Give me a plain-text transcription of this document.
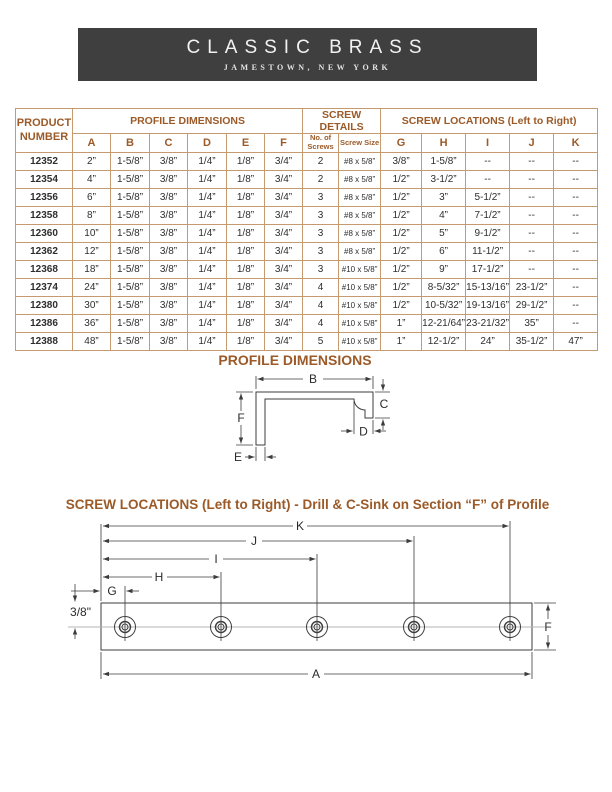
CLASSIC BRASS
JAMESTOWN, NEW YORK
PRODUCT NUMBER	PROFILE DIMENSIONS						SCREW DETAILS		SCREW LOCATIONS (Left to Right)				
	A	B	C	D	E	F	No. of Screws	Screw Size	G	H	I	J	K
12352	2”	1-5/8”	3/8”	1/4”	1/8”	3/4”	2	#8 x 5/8”	3/8”	1-5/8”	--	--	--
12354	4”	1-5/8”	3/8”	1/4”	1/8”	3/4”	2	#8 x 5/8”	1/2”	3-1/2”	--	--	--
12356	6”	1-5/8”	3/8”	1/4”	1/8”	3/4”	3	#8 x 5/8”	1/2”	3”	5-1/2”	--	--
12358	8”	1-5/8”	3/8”	1/4”	1/8”	3/4”	3	#8 x 5/8”	1/2”	4”	7-1/2”	--	--
12360	10”	1-5/8”	3/8”	1/4”	1/8”	3/4”	3	#8 x 5/8”	1/2”	5”	9-1/2”	--	--
12362	12”	1-5/8”	3/8”	1/4”	1/8”	3/4”	3	#8 x 5/8”	1/2”	6”	11-1/2”	--	--
12368	18”	1-5/8”	3/8”	1/4”	1/8”	3/4”	3	#10 x 5/8”	1/2”	9”	17-1/2”	--	--
12374	24”	1-5/8”	3/8”	1/4”	1/8”	3/4”	4	#10 x 5/8”	1/2”	8-5/32”	15-13/16”	23-1/2”	--
12380	30”	1-5/8”	3/8”	1/4”	1/8”	3/4”	4	#10 x 5/8”	1/2”	10-5/32”	19-13/16”	29-1/2”	--
12386	36”	1-5/8”	3/8”	1/4”	1/8”	3/4”	4	#10 x 5/8”	1”	12-21/64”	23-21/32”	35”	--
12388	48”	1-5/8”	3/8”	1/4”	1/8”	3/4”	5	#10 x 5/8”	1”	12-1/2”	24”	35-1/2”	47”
PROFILE DIMENSIONS
B
F
E
C
D
SCREW LOCATIONS (Left to Right) - Drill & C-Sink on Section “F” of Profile
K
J
I
H
G
3/8"
A
F
